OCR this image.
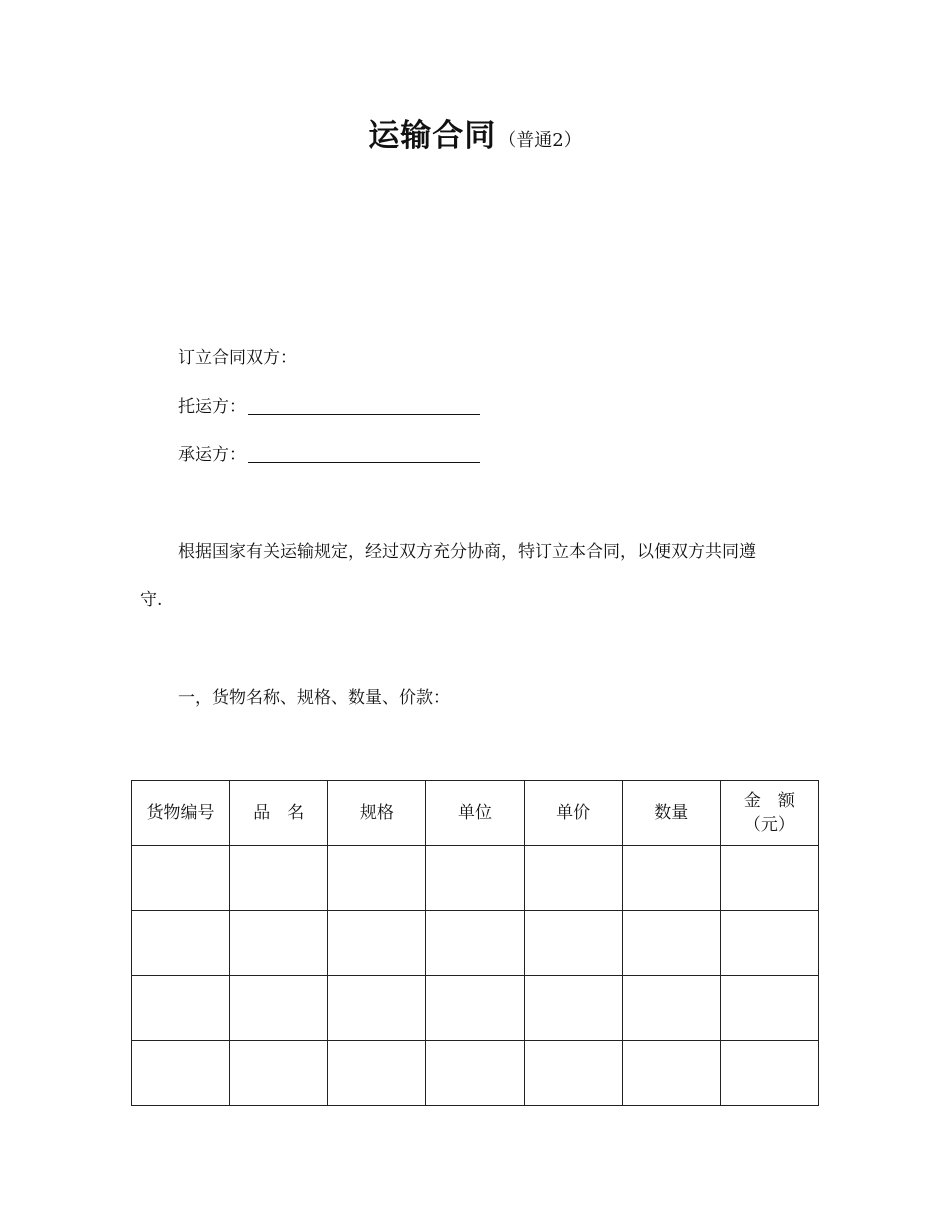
运输合同 （普通2）
订立合同双方：
托运方：
承运方：
根据国家有关运输规定，经过双方充分协商，特订立本合同，以便双方共同遵
守.
一，货物名称、规格、数量、价款：
货物编号	品　名	规格	单位	单价	数量	金　额
（元）
